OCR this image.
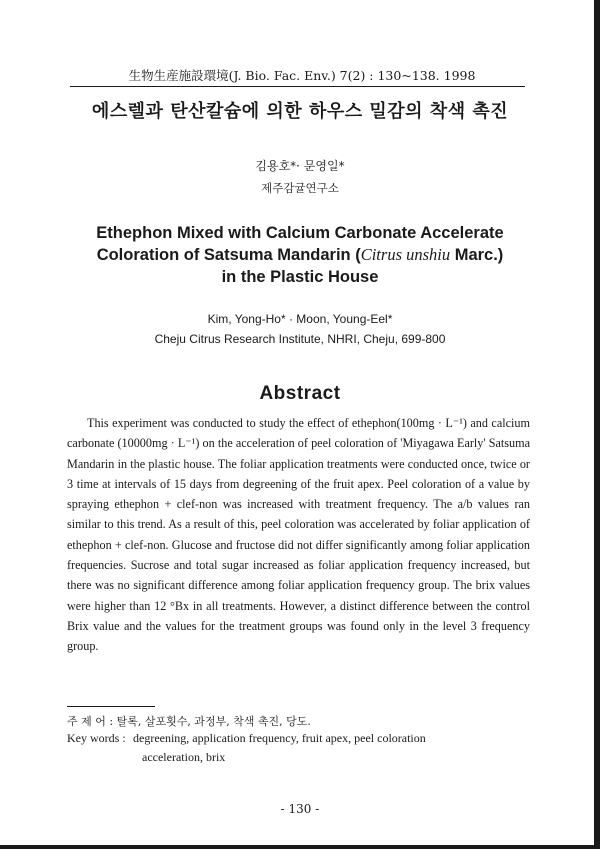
生物生産施設環境(J. Bio. Fac. Env.) 7(2) : 130~138. 1998
에스렐과 탄산칼슘에 의한 하우스 밀감의 착색 촉진
김용호*· 문영일*
제주감귤연구소
Ethephon Mixed with Calcium Carbonate Accelerate
Coloration of Satsuma Mandarin (Citrus unshiu Marc.)
in the Plastic House
Kim, Yong-Ho* · Moon, Young-Eel*
Cheju Citrus Research Institute, NHRI, Cheju, 699-800
Abstract

This experiment was conducted to study the effect of ethephon(100mg · L⁻¹) and calcium carbonate (10000mg · L⁻¹) on the acceleration of peel coloration of 'Miyagawa Early' Satsuma Mandarin in the plastic house. The foliar application treatments were conducted once, twice or 3 time at intervals of 15 days from degreening of the fruit apex. Peel coloration of a value by spraying ethephon + clef-non was increased with treatment frequency. The a/b values ran similar to this trend. As a result of this, peel coloration was accelerated by foliar application of ethephon + clef-non. Glucose and fructose did not differ significantly among foliar application frequencies. Sucrose and total sugar increased as foliar application frequency increased, but there was no significant difference among foliar application frequency group. The brix values were higher than 12 °Bx in all treatments. However, a distinct difference between the control Brix value and the values for the treatment groups was found only in the level 3 frequency group.

주 제 어 : 탈록, 살포횟수, 과정부, 착색 촉진, 당도.
Key words : degreening, application frequency, fruit apex, peel coloration
acceleration, brix
- 130 -
